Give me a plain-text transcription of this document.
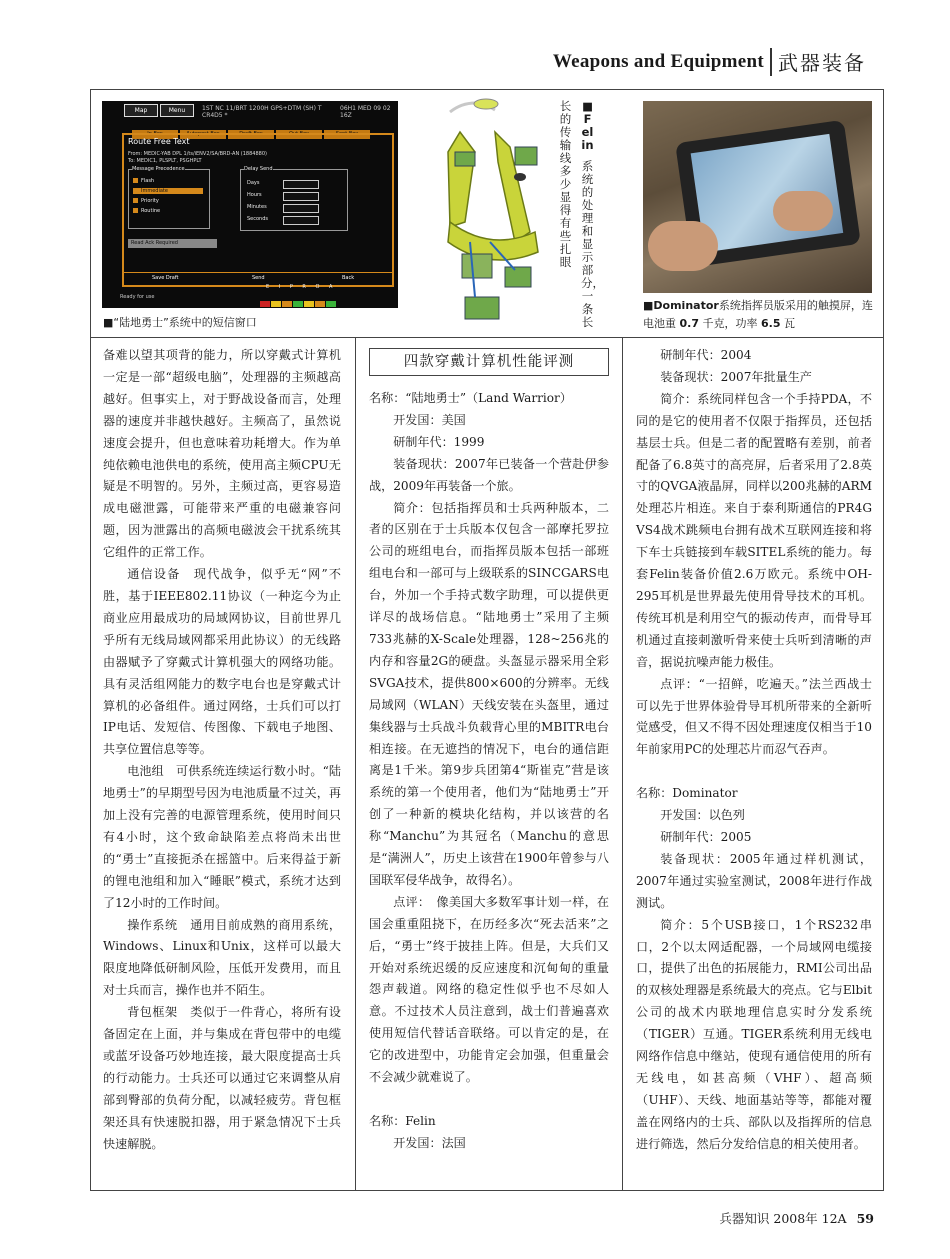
Weapons and Equipment 武器装备
Map	Menu	1ST NC 11/BRT 1200H GPS+DTM (SH) T CR4D5 *
06H1 MED 09 02 16Z
In Box	Autopost Box	Draft Box	Out Box	Sent Box
Route Free Text
From: MEDIC-YAB DPL 1/ts/iENV2/SA/BRD-AN (1884880)
To: MEDIC1, PLSPLT, PSGHPLT
Message Precedence
Flash
Immediate
Priority
Routine
Delay Send
Days
Hours
Minutes
Seconds
Read Ack Required
Save Draft	Send	Back
Ready for use
E I P R O A
■“陆地勇士”系统中的短信窗口
■Felin
系统的处理和显示部分，一条长
长的传输线多少显得有些扎眼
■Dominator系统指挥员版采用的触摸屏，连电池重 0.7 千克，功率 6.5 瓦

备难以望其项背的能力，所以穿戴式计算机一定是一部“超级电脑”，处理器的主频越高越好。但事实上，对于野战设备而言，处理器的速度并非越快越好。主频高了，虽然说速度会提升，但也意味着功耗增大。作为单纯依赖电池供电的系统，使用高主频CPU无疑是不明智的。另外，主频过高，更容易造成电磁泄露，可能带来严重的电磁兼容问题，因为泄露出的高频电磁波会干扰系统其它组件的正常工作。

通信设备　现代战争，似乎无“网”不胜，基于IEEE802.11协议（一种迄今为止商业应用最成功的局域网协议，目前世界几乎所有无线局域网都采用此协议）的无线路由器赋予了穿戴式计算机强大的网络功能。具有灵活组网能力的数字电台也是穿戴式计算机的必备组件。通过网络，士兵们可以打IP电话、发短信、传图像、下载电子地图、共享位置信息等等。

电池组　可供系统连续运行数小时。“陆地勇士”的早期型号因为电池质量不过关，再加上没有完善的电源管理系统，使用时间只有4小时，这个致命缺陷差点将尚未出世的“勇士”直接扼杀在摇篮中。后来得益于新的锂电池组和加入“睡眠”模式，系统才达到了12小时的工作时间。

操作系统　通用目前成熟的商用系统，Windows、Linux和Unix，这样可以最大限度地降低研制风险，压低开发费用，而且对士兵而言，操作也并不陌生。

背包框架　类似于一件背心，将所有设备固定在上面，并与集成在背包带中的电缆或蓝牙设备巧妙地连接，最大限度提高士兵的行动能力。士兵还可以通过它来调整从肩部到臀部的负荷分配，以减轻疲劳。背包框架还具有快速脱扣器，用于紧急情况下士兵快速解脱。

四款穿戴计算机性能评测

名称：“陆地勇士”（Land Warrior）

开发国：美国

研制年代：1999

装备现状：2007年已装备一个营赴伊参战，2009年再装备一个旅。

简介：包括指挥员和士兵两种版本，二者的区别在于士兵版本仅包含一部摩托罗拉公司的班组电台，而指挥员版本包括一部班组电台和一部可与上级联系的SINCGARS电台，外加一个手持式数字助理，可以提供更详尽的战场信息。“陆地勇士”采用了主频733兆赫的X-Scale处理器，128~256兆的内存和容量2G的硬盘。头盔显示器采用全彩SVGA技术，提供800×600的分辨率。无线局域网（WLAN）天线安装在头盔里，通过集线器与士兵战斗负载背心里的MBITR电台相连接。在无遮挡的情况下，电台的通信距离是1千米。第9步兵团第4“斯崔克”营是该系统的第一个使用者，他们为“陆地勇士”开创了一种新的模块化结构，并以该营的名称“Manchu”为其冠名（Manchu的意思是“满洲人”，历史上该营在1900年曾参与八国联军侵华战争，故得名）。

点评：　像美国大多数军事计划一样，在国会重重阻挠下，在历经多次“死去活来”之后，“勇士”终于披挂上阵。但是，大兵们又开始对系统迟缓的反应速度和沉甸甸的重量怨声载道。网络的稳定性似乎也不尽如人意。不过技术人员注意到，战士们普遍喜欢使用短信代替话音联络。可以肯定的是，在它的改进型中，功能肯定会加强，但重量会不会减少就难说了。

名称：Felin

开发国：法国

研制年代：2004

装备现状：2007年批量生产

简介：系统同样包含一个手持PDA，不同的是它的使用者不仅限于指挥员，还包括基层士兵。但是二者的配置略有差别，前者配备了6.8英寸的高亮屏，后者采用了2.8英寸的QVGA液晶屏，同样以200兆赫的ARM处理芯片相连。来自于泰利斯通信的PR4G VS4战术跳频电台拥有战术互联网连接和将下车士兵链接到车载SITEL系统的能力。每套Felin装备价值2.6万欧元。系统中OH-295耳机是世界最先使用骨导技术的耳机。传统耳机是利用空气的振动传声，而骨导耳机通过直接刺激听骨来使士兵听到清晰的声音，据说抗噪声能力极佳。

点评：“一招鲜，吃遍天。”法兰西战士可以先于世界体验骨导耳机所带来的全新听觉感受，但又不得不因处理速度仅相当于10年前家用PC的处理芯片而忍气吞声。

名称：Dominator

开发国：以色列

研制年代：2005

装备现状：2005年通过样机测试，2007年通过实验室测试，2008年进行作战测试。

简介：5个USB接口，1个RS232串口，2个以太网适配器，一个局域网电缆接口，提供了出色的拓展能力，RMI公司出品的双核处理器是系统最大的亮点。它与Elbit公司的战术内联地理信息实时分发系统（TIGER）互通。TIGER系统利用无线电网络作信息中继站，使现有通信使用的所有无线电，如甚高频（VHF）、超高频（UHF）、天线、地面基站等等，都能对覆盖在网络内的士兵、部队以及指挥所的信息进行筛选，然后分发给信息的相关使用者。

兵器知识 2008年 12A 59
